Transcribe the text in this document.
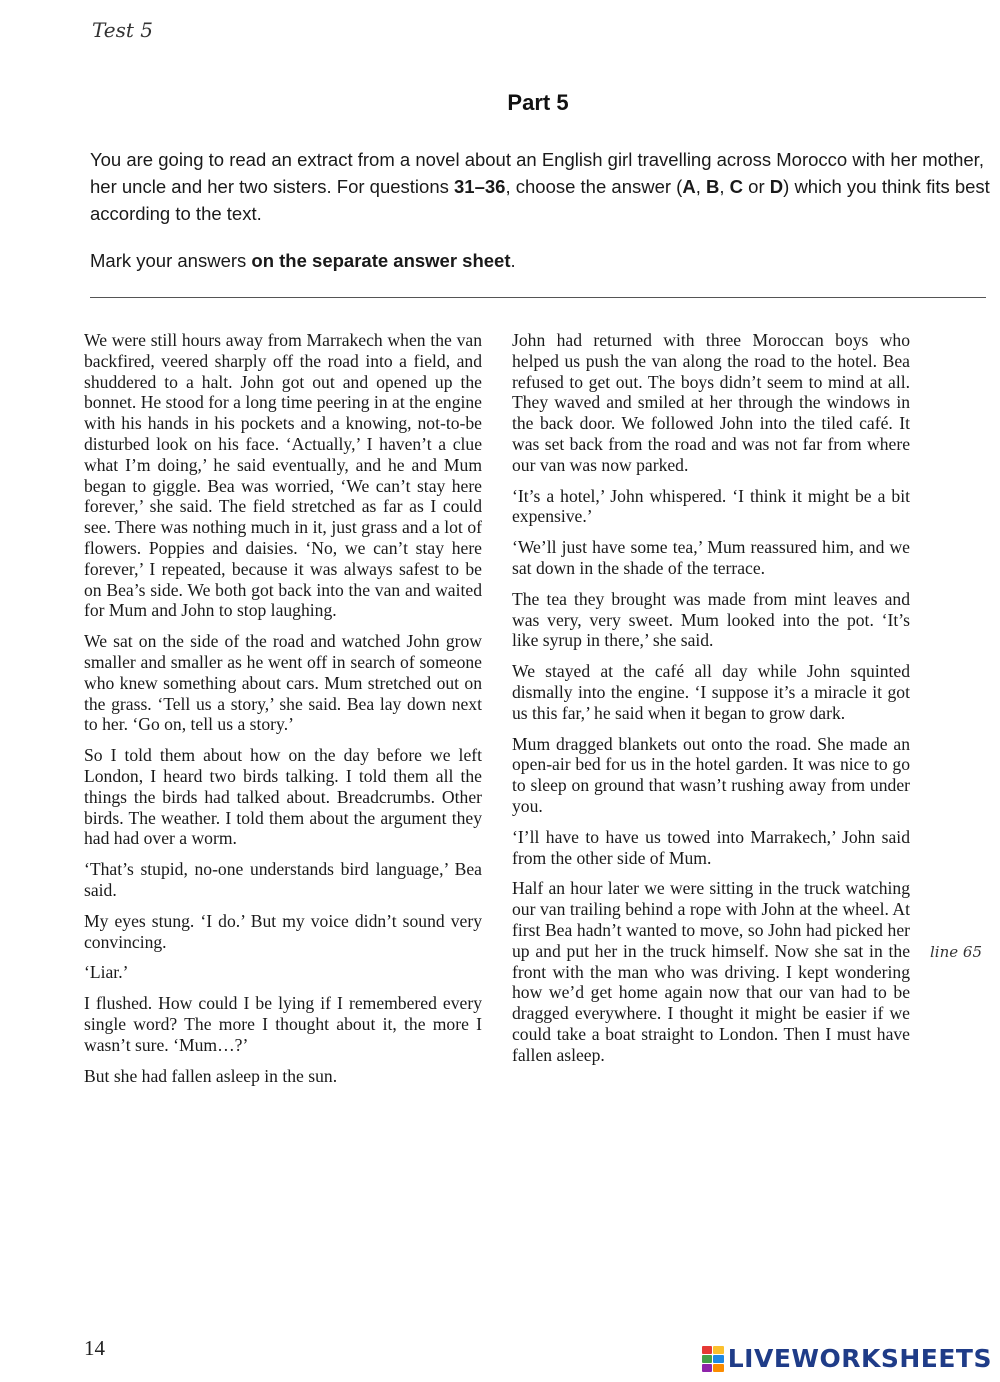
Test 5
Part 5

You are going to read an extract from a novel about an English girl travelling across Morocco with her mother, her uncle and her two sisters. For questions 31–36, choose the answer (A, B, C or D) which you think fits best according to the text.

Mark your answers on the separate answer sheet.

We were still hours away from Marrakech when the van backfired, veered sharply off the road into a field, and shuddered to a halt. John got out and opened up the bonnet. He stood for a long time peering in at the engine with his hands in his pockets and a knowing, not-to-be disturbed look on his face. ‘Actually,’ I haven’t a clue what I’m doing,’ he said eventually, and he and Mum began to giggle. Bea was worried, ‘We can’t stay here forever,’ she said. The field stretched as far as I could see. There was nothing much in it, just grass and a lot of flowers. Poppies and daisies. ‘No, we can’t stay here forever,’ I repeated, because it was always safest to be on Bea’s side. We both got back into the van and waited for Mum and John to stop laughing.

We sat on the side of the road and watched John grow smaller and smaller as he went off in search of someone who knew something about cars. Mum stretched out on the grass. ‘Tell us a story,’ she said. Bea lay down next to her. ‘Go on, tell us a story.’

So I told them about how on the day before we left London, I heard two birds talking. I told them all the things the birds had talked about. Breadcrumbs. Other birds. The weather. I told them about the argument they had had over a worm.

‘That’s stupid, no-one understands bird language,’ Bea said.

My eyes stung. ‘I do.’ But my voice didn’t sound very convincing.

‘Liar.’

I flushed. How could I be lying if I remembered every single word? The more I thought about it, the more I wasn’t sure. ‘Mum…?’

But she had fallen asleep in the sun.

John had returned with three Moroccan boys who helped us push the van along the road to the hotel. Bea refused to get out. The boys didn’t seem to mind at all. They waved and smiled at her through the windows in the back door. We followed John into the tiled café. It was set back from the road and was not far from where our van was now parked.

‘It’s a hotel,’ John whispered. ‘I think it might be a bit expensive.’

‘We’ll just have some tea,’ Mum reassured him, and we sat down in the shade of the terrace.

The tea they brought was made from mint leaves and was very, very sweet. Mum looked into the pot. ‘It’s like syrup in there,’ she said.

We stayed at the café all day while John squinted dismally into the engine. ‘I suppose it’s a miracle it got us this far,’ he said when it began to grow dark.

Mum dragged blankets out onto the road. She made an open-air bed for us in the hotel garden. It was nice to go to sleep on ground that wasn’t rushing away from under you.

‘I’ll have to have us towed into Marrakech,’ John said from the other side of Mum.

Half an hour later we were sitting in the truck watching our van trailing behind a rope with John at the wheel. At first Bea hadn’t wanted to move, so John had picked her up and put her in the truck himself. Now she sat in the front with the man who was driving. I kept wondering how we’d get home again now that our van had to be dragged everywhere. I thought it might be easier if we could take a boat straight to London. Then I must have fallen asleep.

line 65
14	LIVEWORKSHEETS
